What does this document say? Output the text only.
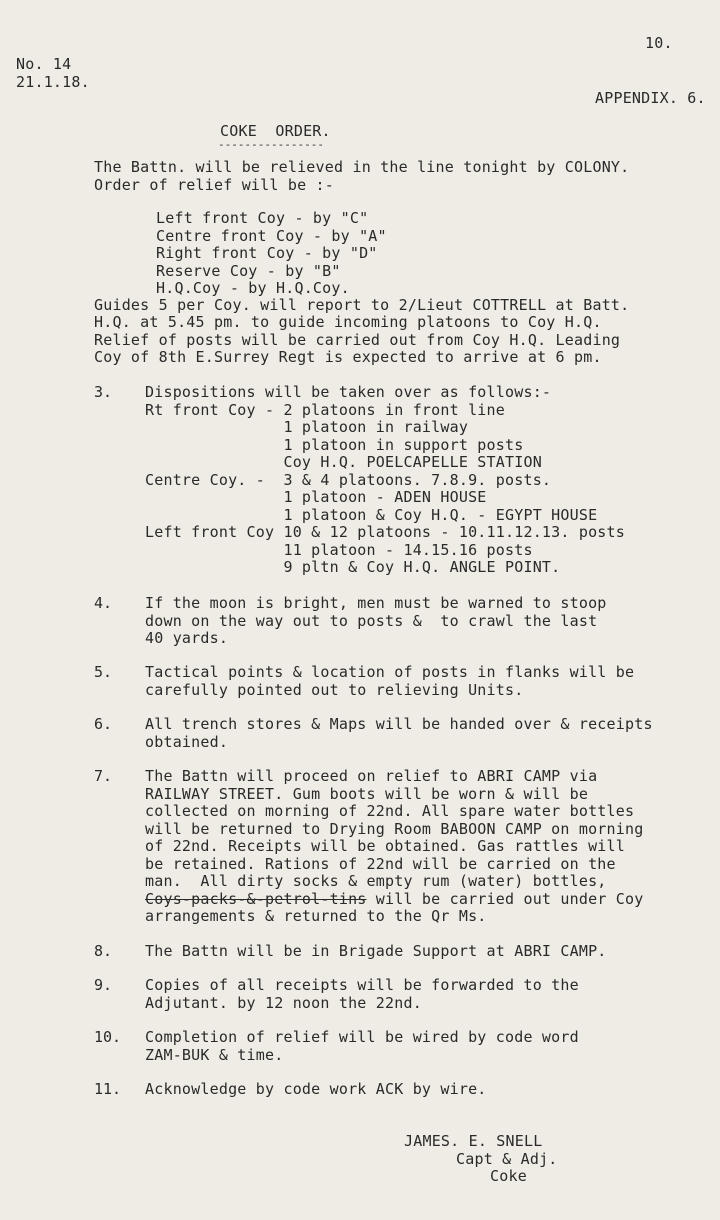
10.
No. 14
21.1.18.
APPENDIX. 6.
COKE  ORDER.
----------------
The Battn. will be relieved in the line tonight by COLONY.
Order of relief will be :-
Left front Coy - by "C"
Centre front Coy - by "A"
Right front Coy - by "D"
Reserve Coy - by "B"
H.Q.Coy - by H.Q.Coy.
Guides 5 per Coy. will report to 2/Lieut COTTRELL at Batt.
H.Q. at 5.45 pm. to guide incoming platoons to Coy H.Q.
Relief of posts will be carried out from Coy H.Q. Leading
Coy of 8th E.Surrey Regt is expected to arrive at 6 pm.
3. Dispositions will be taken over as follows:-
Rt front Coy - 2 platoons in front line
1 platoon in railway
1 platoon in support posts
Coy H.Q. POELCAPELLE STATION
Centre Coy. -  3 & 4 platoons. 7.8.9. posts.
1 platoon - ADEN HOUSE
1 platoon & Coy H.Q. - EGYPT HOUSE
Left front Coy 10 & 12 platoons - 10.11.12.13. posts
11 platoon - 14.15.16 posts
9 pltn & Coy H.Q. ANGLE POINT.
4. If the moon is bright, men must be warned to stoop
down on the way out to posts &  to crawl the last
40 yards.
5. Tactical points & location of posts in flanks will be
carefully pointed out to relieving Units.
6. All trench stores & Maps will be handed over & receipts
obtained.
7. The Battn will proceed on relief to ABRI CAMP via
RAILWAY STREET. Gum boots will be worn & will be
collected on morning of 22nd. All spare water bottles
will be returned to Drying Room BABOON CAMP on morning
of 22nd. Receipts will be obtained. Gas rattles will
be retained. Rations of 22nd will be carried on the
man.  All dirty socks & empty rum (water) bottles,
Coys-packs-&-petrol-tins will be carried out under Coy
arrangements & returned to the Qr Ms.
8. The Battn will be in Brigade Support at ABRI CAMP.
9. Copies of all receipts will be forwarded to the
Adjutant. by 12 noon the 22nd.
10. Completion of relief will be wired by code word
ZAM-BUK & time.
11. Acknowledge by code work ACK by wire.
JAMES. E. SNELL
Capt & Adj.
Coke
